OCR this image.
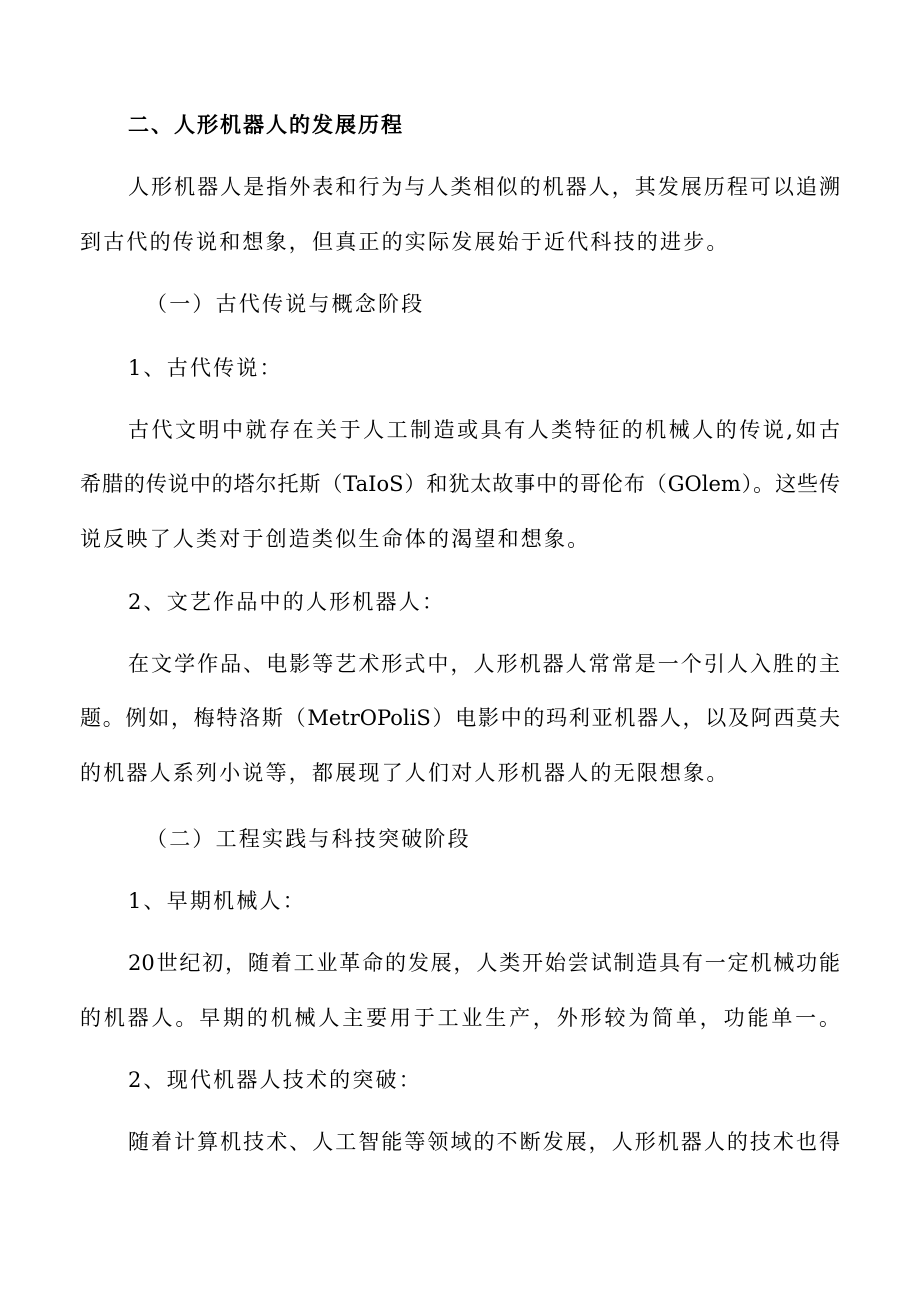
二、人形机器人的发展历程
人形机器人是指外表和行为与人类相似的机器人，其发展历程可以追溯
到古代的传说和想象，但真正的实际发展始于近代科技的进步。
（一）古代传说与概念阶段
1、古代传说：
古代文明中就存在关于人工制造或具有人类特征的机械人的传说,如古
希腊的传说中的塔尔托斯（TaIoS）和犹太故事中的哥伦布（GOlem）。这些传
说反映了人类对于创造类似生命体的渴望和想象。
2、文艺作品中的人形机器人：
在文学作品、电影等艺术形式中，人形机器人常常是一个引人入胜的主
题。例如，梅特洛斯（MetrOPoliS）电影中的玛利亚机器人，以及阿西莫夫
的机器人系列小说等，都展现了人们对人形机器人的无限想象。
（二）工程实践与科技突破阶段
1、早期机械人：
20世纪初，随着工业革命的发展，人类开始尝试制造具有一定机械功能
的机器人。早期的机械人主要用于工业生产，外形较为简单，功能单一。
2、现代机器人技术的突破：
随着计算机技术、人工智能等领域的不断发展，人形机器人的技术也得
